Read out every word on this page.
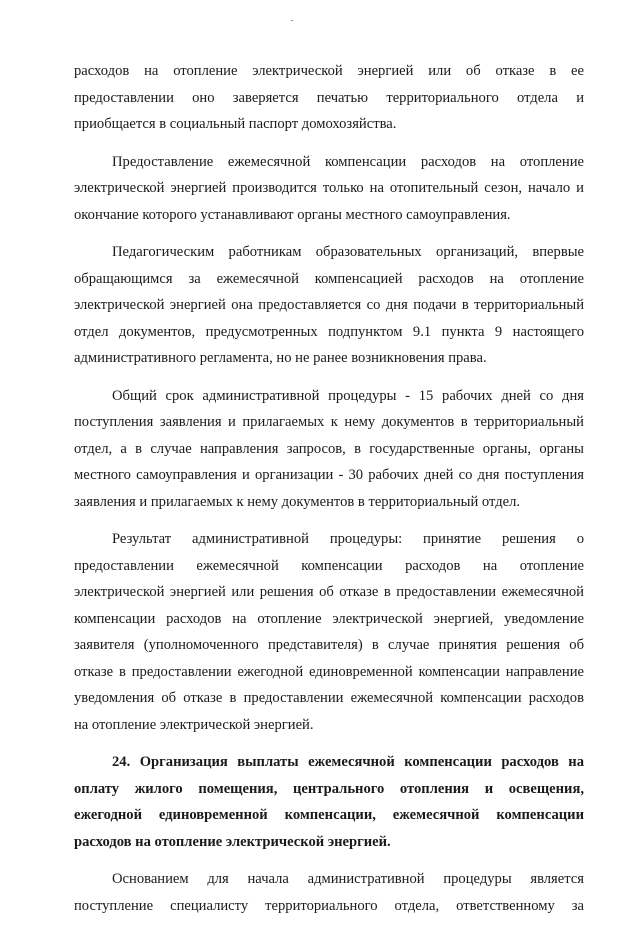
расходов на отопление электрической энергией или об отказе в ее
предоставлении оно заверяется печатью территориального отдела и
приобщается в социальный паспорт домохозяйства.
Предоставление ежемесячной компенсации расходов на отопление
электрической энергией производится только на отопительный сезон, начало и
окончание которого устанавливают органы местного самоуправления.
Педагогическим работникам образовательных организаций, впервые
обращающимся за ежемесячной компенсацией расходов на отопление
электрической энергией она предоставляется со дня подачи в территориальный
отдел документов, предусмотренных подпунктом 9.1 пункта 9 настоящего
административного регламента, но не ранее возникновения права.
Общий срок административной процедуры - 15 рабочих дней со дня
поступления заявления и прилагаемых к нему документов в территориальный
отдел, а в случае направления запросов, в государственные органы, органы
местного самоуправления и организации - 30 рабочих дней со дня поступления
заявления и прилагаемых к нему документов в территориальный отдел.
Результат административной процедуры: принятие решения о
предоставлении ежемесячной компенсации расходов на отопление
электрической энергией или решения об отказе в предоставлении ежемесячной
компенсации расходов на отопление электрической энергией, уведомление
заявителя (уполномоченного представителя) в случае принятия решения об
отказе в предоставлении ежегодной единовременной компенсации направление
уведомления об отказе в предоставлении ежемесячной компенсации расходов
на отопление электрической энергией.
24. Организация выплаты ежемесячной компенсации расходов на
оплату жилого помещения, центрального отопления и освещения,
ежегодной единовременной компенсации, ежемесячной компенсации
расходов на отопление электрической энергией.
Основанием для начала административной процедуры является
поступление специалисту территориального отдела, ответственному за
